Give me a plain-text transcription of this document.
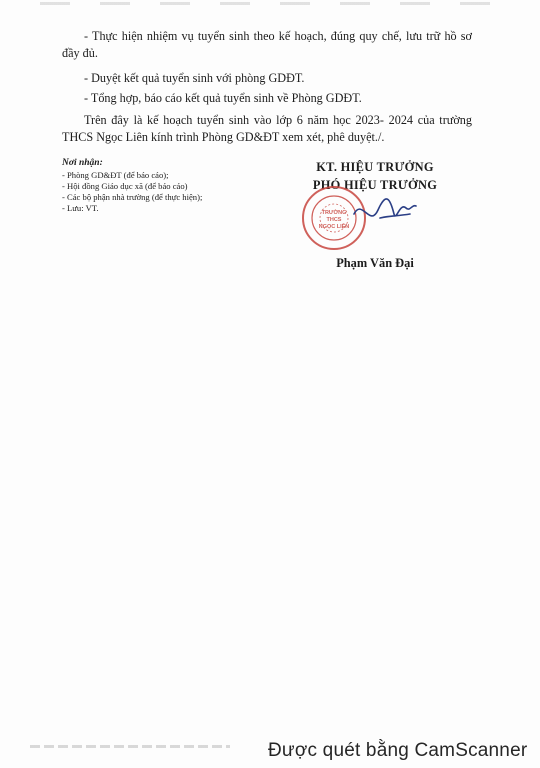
- Thực hiện nhiệm vụ tuyển sinh theo kế hoạch, đúng quy chế, lưu trữ hồ sơ đầy đủ.

- Duyệt kết quả tuyển sinh với phòng GDĐT.

- Tổng hợp, báo cáo kết quả tuyển sinh về Phòng GDĐT.

Trên đây là kế hoạch tuyển sinh vào lớp 6 năm học 2023- 2024 của trường THCS Ngọc Liên kính trình Phòng GD&ĐT xem xét, phê duyệt./.

Nơi nhận:
- Phòng GD&ĐT (để báo cáo);
- Hội đồng Giáo dục xã (để báo cáo)
- Các bộ phận nhà trường (để thực hiện);
- Lưu: VT.
KT. HIỆU TRƯỞNG
PHÓ HIỆU TRƯỞNG
TRƯỜNG
THCS
NGỌC LIÊN
Phạm Văn Đại
Được quét bằng CamScanner
